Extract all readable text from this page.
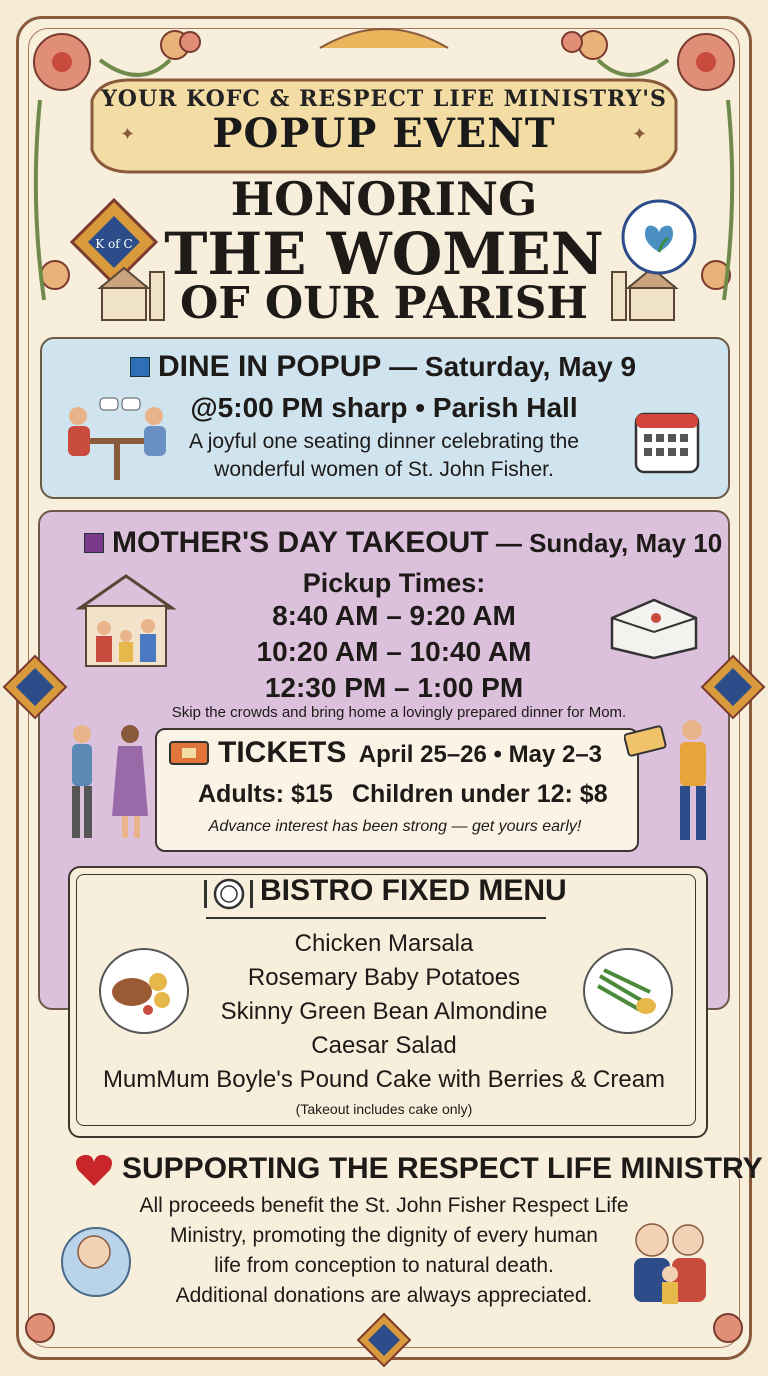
✦	✦
YOUR KOFC & RESPECT LIFE MINISTRY'S
POPUP EVENT
HONORING
THE WOMEN
OF OUR PARISH
K of C
DINE IN POPUP — Saturday, May 9
@5:00 PM sharp • Parish Hall
A joyful one seating dinner celebrating the
wonderful women of St. John Fisher.
MOTHER'S DAY TAKEOUT — Sunday, May 10
Pickup Times:
8:40 AM – 9:20 AM
10:20 AM – 10:40 AM
12:30 PM – 1:00 PM
Skip the crowds and bring home a lovingly prepared dinner for Mom.
TICKETS April 25–26 • May 2–3
Adults: $15 Children under 12: $8
Advance interest has been strong — get yours early!
BISTRO FIXED MENU
Chicken Marsala
Rosemary Baby Potatoes
Skinny Green Bean Almondine
Caesar Salad
MumMum Boyle's Pound Cake with Berries & Cream
(Takeout includes cake only)
SUPPORTING THE RESPECT LIFE MINISTRY
All proceeds benefit the St. John Fisher Respect Life
Ministry, promoting the dignity of every human
life from conception to natural death.
Additional donations are always appreciated.
